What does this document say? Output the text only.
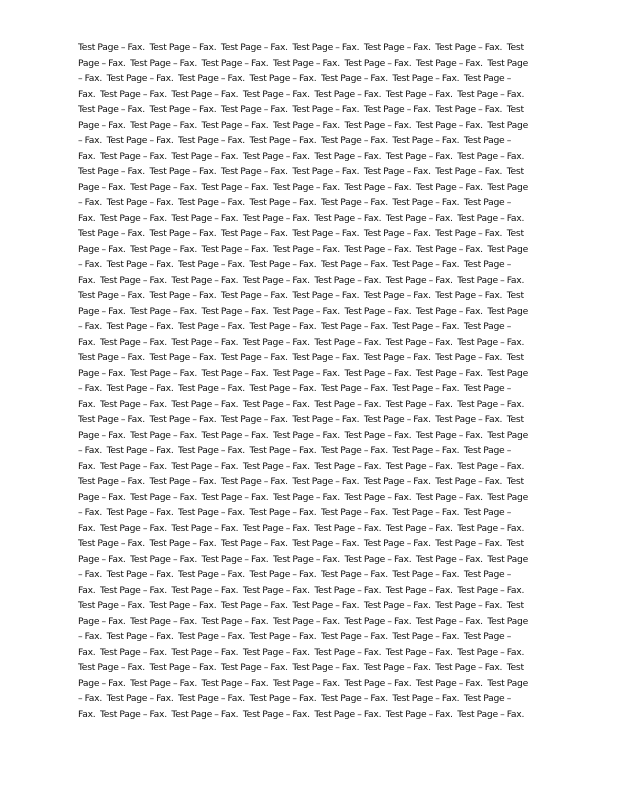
Test Page – Fax.  Test Page – Fax.  Test Page – Fax.  Test Page – Fax.  Test Page – Fax.  Test Page – Fax.  Test
Page – Fax.  Test Page – Fax.  Test Page – Fax.  Test Page – Fax.  Test Page – Fax.  Test Page – Fax.  Test Page
– Fax.  Test Page – Fax.  Test Page – Fax.  Test Page – Fax.  Test Page – Fax.  Test Page – Fax.  Test Page –
Fax.  Test Page – Fax.  Test Page – Fax.  Test Page – Fax.  Test Page – Fax.  Test Page – Fax.  Test Page – Fax.
Test Page – Fax.  Test Page – Fax.  Test Page – Fax.  Test Page – Fax.  Test Page – Fax.  Test Page – Fax.  Test
Page – Fax.  Test Page – Fax.  Test Page – Fax.  Test Page – Fax.  Test Page – Fax.  Test Page – Fax.  Test Page
– Fax.  Test Page – Fax.  Test Page – Fax.  Test Page – Fax.  Test Page – Fax.  Test Page – Fax.  Test Page –
Fax.  Test Page – Fax.  Test Page – Fax.  Test Page – Fax.  Test Page – Fax.  Test Page – Fax.  Test Page – Fax.
Test Page – Fax.  Test Page – Fax.  Test Page – Fax.  Test Page – Fax.  Test Page – Fax.  Test Page – Fax.  Test
Page – Fax.  Test Page – Fax.  Test Page – Fax.  Test Page – Fax.  Test Page – Fax.  Test Page – Fax.  Test Page
– Fax.  Test Page – Fax.  Test Page – Fax.  Test Page – Fax.  Test Page – Fax.  Test Page – Fax.  Test Page –
Fax.  Test Page – Fax.  Test Page – Fax.  Test Page – Fax.  Test Page – Fax.  Test Page – Fax.  Test Page – Fax.
Test Page – Fax.  Test Page – Fax.  Test Page – Fax.  Test Page – Fax.  Test Page – Fax.  Test Page – Fax.  Test
Page – Fax.  Test Page – Fax.  Test Page – Fax.  Test Page – Fax.  Test Page – Fax.  Test Page – Fax.  Test Page
– Fax.  Test Page – Fax.  Test Page – Fax.  Test Page – Fax.  Test Page – Fax.  Test Page – Fax.  Test Page –
Fax.  Test Page – Fax.  Test Page – Fax.  Test Page – Fax.  Test Page – Fax.  Test Page – Fax.  Test Page – Fax.
Test Page – Fax.  Test Page – Fax.  Test Page – Fax.  Test Page – Fax.  Test Page – Fax.  Test Page – Fax.  Test
Page – Fax.  Test Page – Fax.  Test Page – Fax.  Test Page – Fax.  Test Page – Fax.  Test Page – Fax.  Test Page
– Fax.  Test Page – Fax.  Test Page – Fax.  Test Page – Fax.  Test Page – Fax.  Test Page – Fax.  Test Page –
Fax.  Test Page – Fax.  Test Page – Fax.  Test Page – Fax.  Test Page – Fax.  Test Page – Fax.  Test Page – Fax.
Test Page – Fax.  Test Page – Fax.  Test Page – Fax.  Test Page – Fax.  Test Page – Fax.  Test Page – Fax.  Test
Page – Fax.  Test Page – Fax.  Test Page – Fax.  Test Page – Fax.  Test Page – Fax.  Test Page – Fax.  Test Page
– Fax.  Test Page – Fax.  Test Page – Fax.  Test Page – Fax.  Test Page – Fax.  Test Page – Fax.  Test Page –
Fax.  Test Page – Fax.  Test Page – Fax.  Test Page – Fax.  Test Page – Fax.  Test Page – Fax.  Test Page – Fax.
Test Page – Fax.  Test Page – Fax.  Test Page – Fax.  Test Page – Fax.  Test Page – Fax.  Test Page – Fax.  Test
Page – Fax.  Test Page – Fax.  Test Page – Fax.  Test Page – Fax.  Test Page – Fax.  Test Page – Fax.  Test Page
– Fax.  Test Page – Fax.  Test Page – Fax.  Test Page – Fax.  Test Page – Fax.  Test Page – Fax.  Test Page –
Fax.  Test Page – Fax.  Test Page – Fax.  Test Page – Fax.  Test Page – Fax.  Test Page – Fax.  Test Page – Fax.
Test Page – Fax.  Test Page – Fax.  Test Page – Fax.  Test Page – Fax.  Test Page – Fax.  Test Page – Fax.  Test
Page – Fax.  Test Page – Fax.  Test Page – Fax.  Test Page – Fax.  Test Page – Fax.  Test Page – Fax.  Test Page
– Fax.  Test Page – Fax.  Test Page – Fax.  Test Page – Fax.  Test Page – Fax.  Test Page – Fax.  Test Page –
Fax.  Test Page – Fax.  Test Page – Fax.  Test Page – Fax.  Test Page – Fax.  Test Page – Fax.  Test Page – Fax.
Test Page – Fax.  Test Page – Fax.  Test Page – Fax.  Test Page – Fax.  Test Page – Fax.  Test Page – Fax.  Test
Page – Fax.  Test Page – Fax.  Test Page – Fax.  Test Page – Fax.  Test Page – Fax.  Test Page – Fax.  Test Page
– Fax.  Test Page – Fax.  Test Page – Fax.  Test Page – Fax.  Test Page – Fax.  Test Page – Fax.  Test Page –
Fax.  Test Page – Fax.  Test Page – Fax.  Test Page – Fax.  Test Page – Fax.  Test Page – Fax.  Test Page – Fax.
Test Page – Fax.  Test Page – Fax.  Test Page – Fax.  Test Page – Fax.  Test Page – Fax.  Test Page – Fax.  Test
Page – Fax.  Test Page – Fax.  Test Page – Fax.  Test Page – Fax.  Test Page – Fax.  Test Page – Fax.  Test Page
– Fax.  Test Page – Fax.  Test Page – Fax.  Test Page – Fax.  Test Page – Fax.  Test Page – Fax.  Test Page –
Fax.  Test Page – Fax.  Test Page – Fax.  Test Page – Fax.  Test Page – Fax.  Test Page – Fax.  Test Page – Fax.
Test Page – Fax.  Test Page – Fax.  Test Page – Fax.  Test Page – Fax.  Test Page – Fax.  Test Page – Fax.  Test
Page – Fax.  Test Page – Fax.  Test Page – Fax.  Test Page – Fax.  Test Page – Fax.  Test Page – Fax.  Test Page
– Fax.  Test Page – Fax.  Test Page – Fax.  Test Page – Fax.  Test Page – Fax.  Test Page – Fax.  Test Page –
Fax.  Test Page – Fax.  Test Page – Fax.  Test Page – Fax.  Test Page – Fax.  Test Page – Fax.  Test Page – Fax.
